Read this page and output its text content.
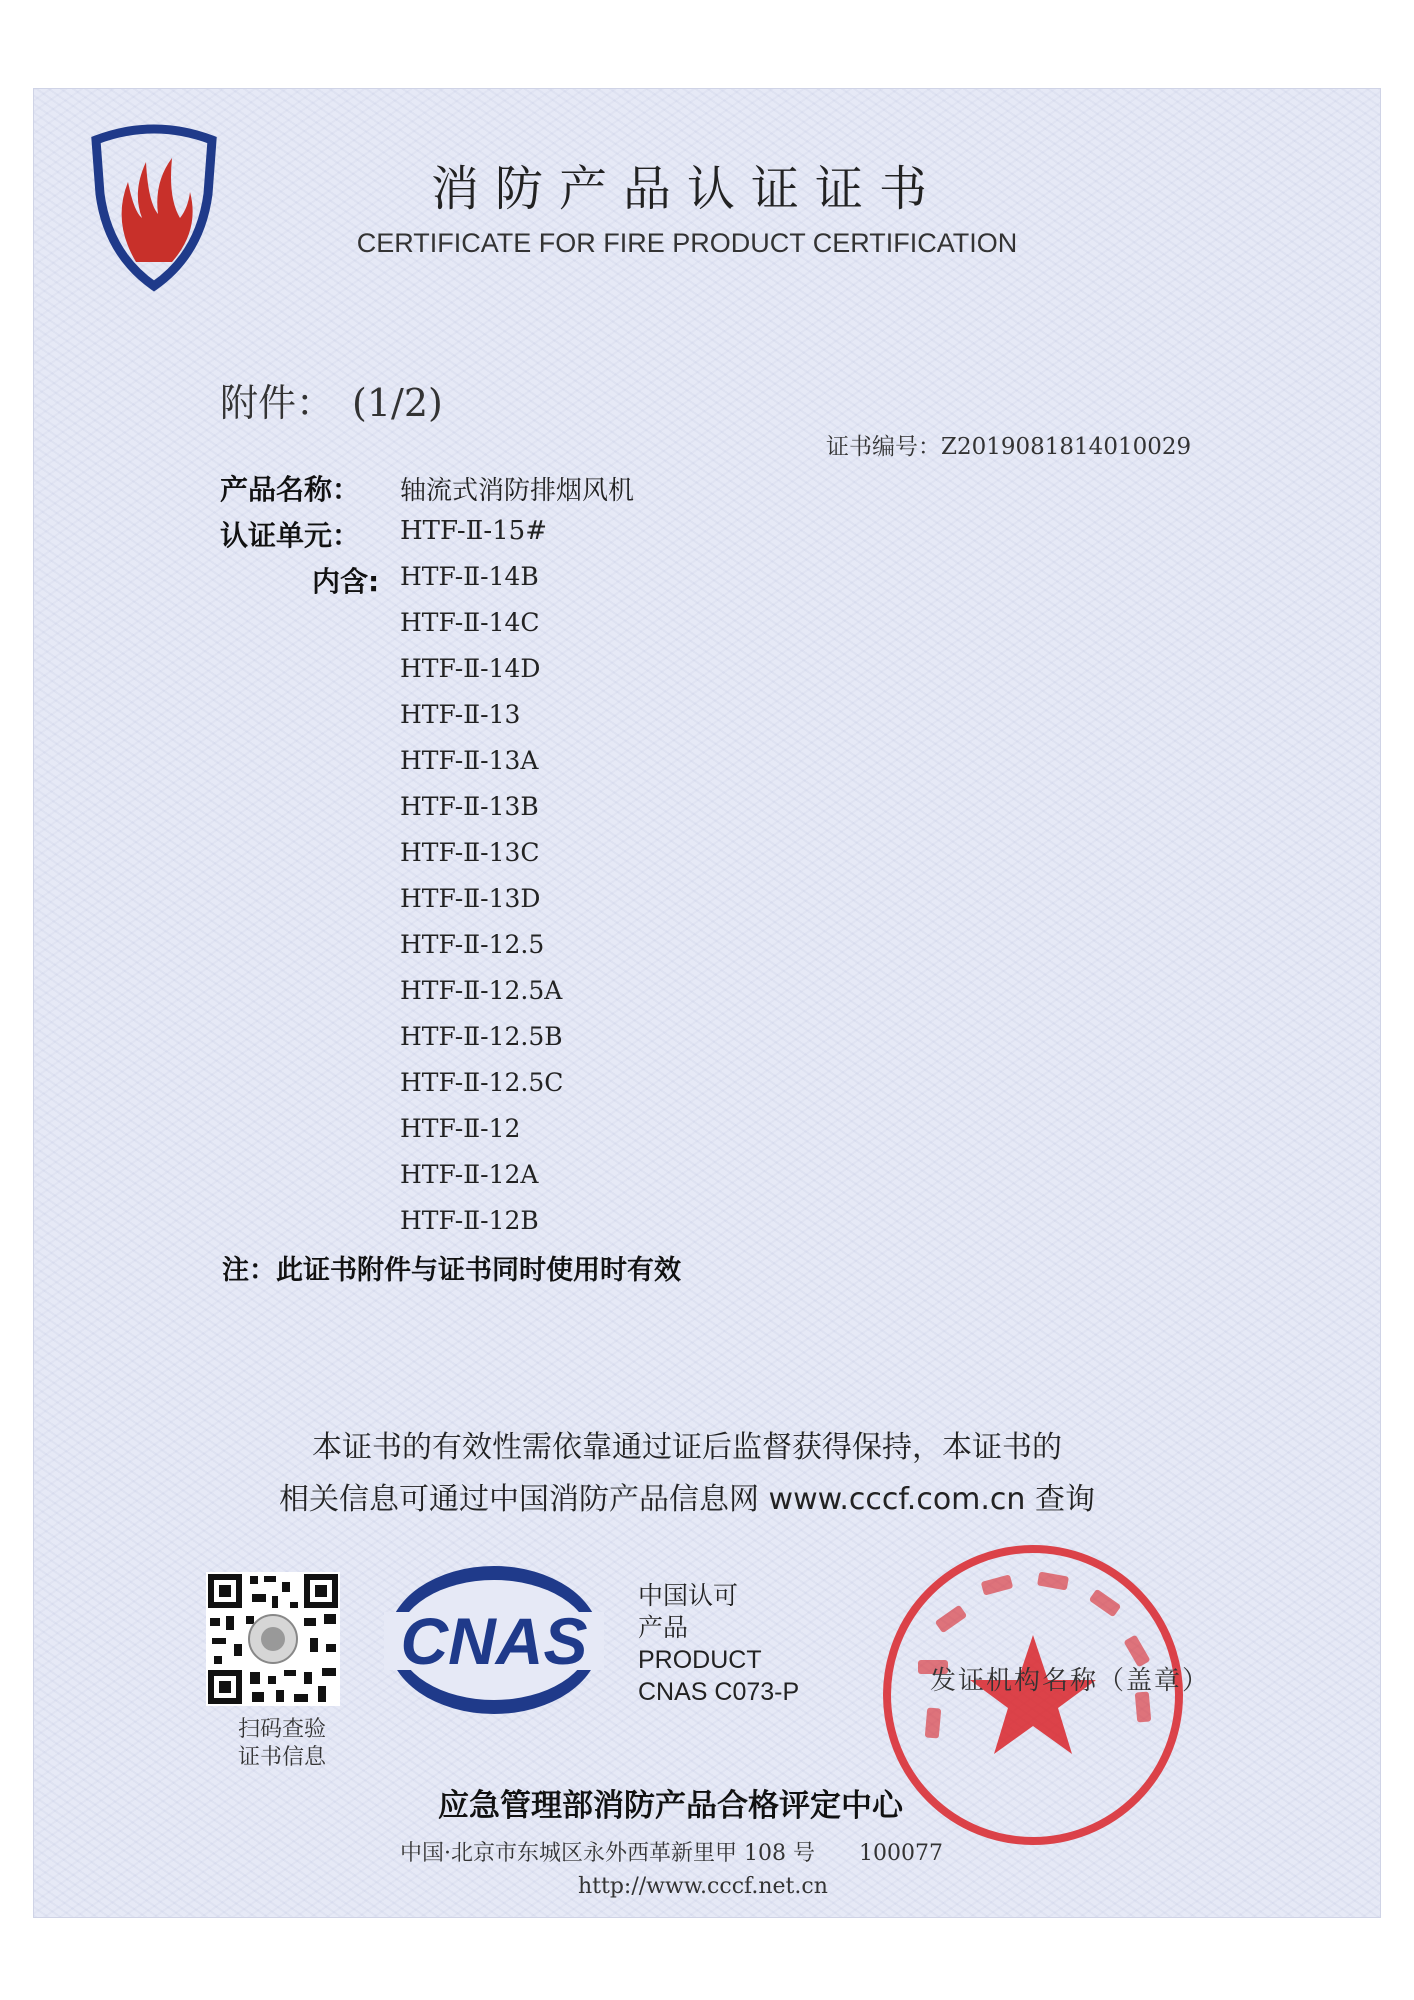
消防产品认证证书
CERTIFICATE FOR FIRE PRODUCT CERTIFICATION
附件： (1/2)
证书编号：Z2019081814010029
产品名称： 轴流式消防排烟风机
认证单元： HTF-Ⅱ-15#
内含: HTF-Ⅱ-14B
HTF-Ⅱ-14C
HTF-Ⅱ-14D
HTF-Ⅱ-13
HTF-Ⅱ-13A
HTF-Ⅱ-13B
HTF-Ⅱ-13C
HTF-Ⅱ-13D
HTF-Ⅱ-12.5
HTF-Ⅱ-12.5A
HTF-Ⅱ-12.5B
HTF-Ⅱ-12.5C
HTF-Ⅱ-12
HTF-Ⅱ-12A
HTF-Ⅱ-12B
注：此证书附件与证书同时使用时有效
本证书的有效性需依靠通过证后监督获得保持，本证书的
相关信息可通过中国消防产品信息网 www.cccf.com.cn 查询
扫码查验
证书信息
CNAS
中国认可
产品
PRODUCT
CNAS C073-P	发证机构名称（盖章）
应急管理部消防产品合格评定中心
中国·北京市东城区永外西革新里甲 108 号　　100077
http://www.cccf.net.cn
